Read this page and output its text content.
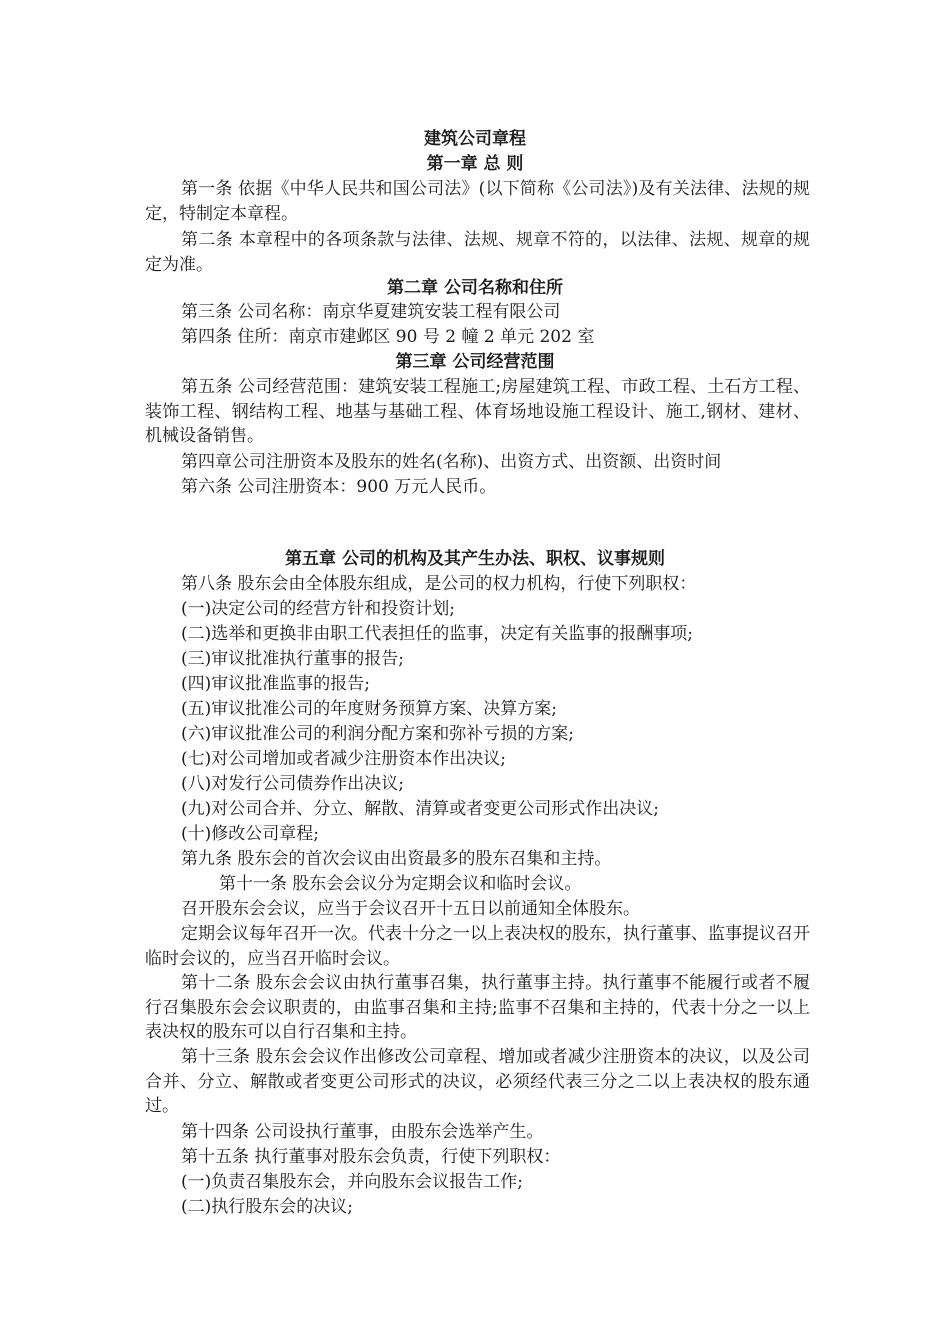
建筑公司章程
第一章 总 则
第一条 依据《中华人民共和国公司法》(以下简称《公司法》)及有关法律、法规的规定，特制定本章程。
第二条 本章程中的各项条款与法律、法规、规章不符的，以法律、法规、规章的规定为准。
第二章 公司名称和住所
第三条 公司名称：南京华夏建筑安装工程有限公司
第四条 住所：南京市建邺区 90 号 2 幢 2 单元 202 室
第三章 公司经营范围
第五条 公司经营范围：建筑安装工程施工;房屋建筑工程、市政工程、土石方工程、装饰工程、钢结构工程、地基与基础工程、体育场地设施工程设计、施工,钢材、建材、机械设备销售。
第四章公司注册资本及股东的姓名(名称)、出资方式、出资额、出资时间
第六条 公司注册资本：900 万元人民币。
第五章 公司的机构及其产生办法、职权、议事规则
第八条 股东会由全体股东组成，是公司的权力机构，行使下列职权：
(一)决定公司的经营方针和投资计划;
(二)选举和更换非由职工代表担任的监事，决定有关监事的报酬事项;
(三)审议批准执行董事的报告;
(四)审议批准监事的报告;
(五)审议批准公司的年度财务预算方案、决算方案;
(六)审议批准公司的利润分配方案和弥补亏损的方案;
(七)对公司增加或者减少注册资本作出决议;
(八)对发行公司债券作出决议;
(九)对公司合并、分立、解散、清算或者变更公司形式作出决议;
(十)修改公司章程;
第九条 股东会的首次会议由出资最多的股东召集和主持。
第十一条 股东会会议分为定期会议和临时会议。
召开股东会会议，应当于会议召开十五日以前通知全体股东。
定期会议每年召开一次。代表十分之一以上表决权的股东，执行董事、监事提议召开临时会议的，应当召开临时会议。
第十二条 股东会会议由执行董事召集，执行董事主持。执行董事不能履行或者不履行召集股东会会议职责的，由监事召集和主持;监事不召集和主持的，代表十分之一以上表决权的股东可以自行召集和主持。
第十三条 股东会会议作出修改公司章程、增加或者减少注册资本的决议，以及公司合并、分立、解散或者变更公司形式的决议，必须经代表三分之二以上表决权的股东通过。
第十四条 公司设执行董事，由股东会选举产生。
第十五条 执行董事对股东会负责，行使下列职权：
(一)负责召集股东会，并向股东会议报告工作;
(二)执行股东会的决议;
